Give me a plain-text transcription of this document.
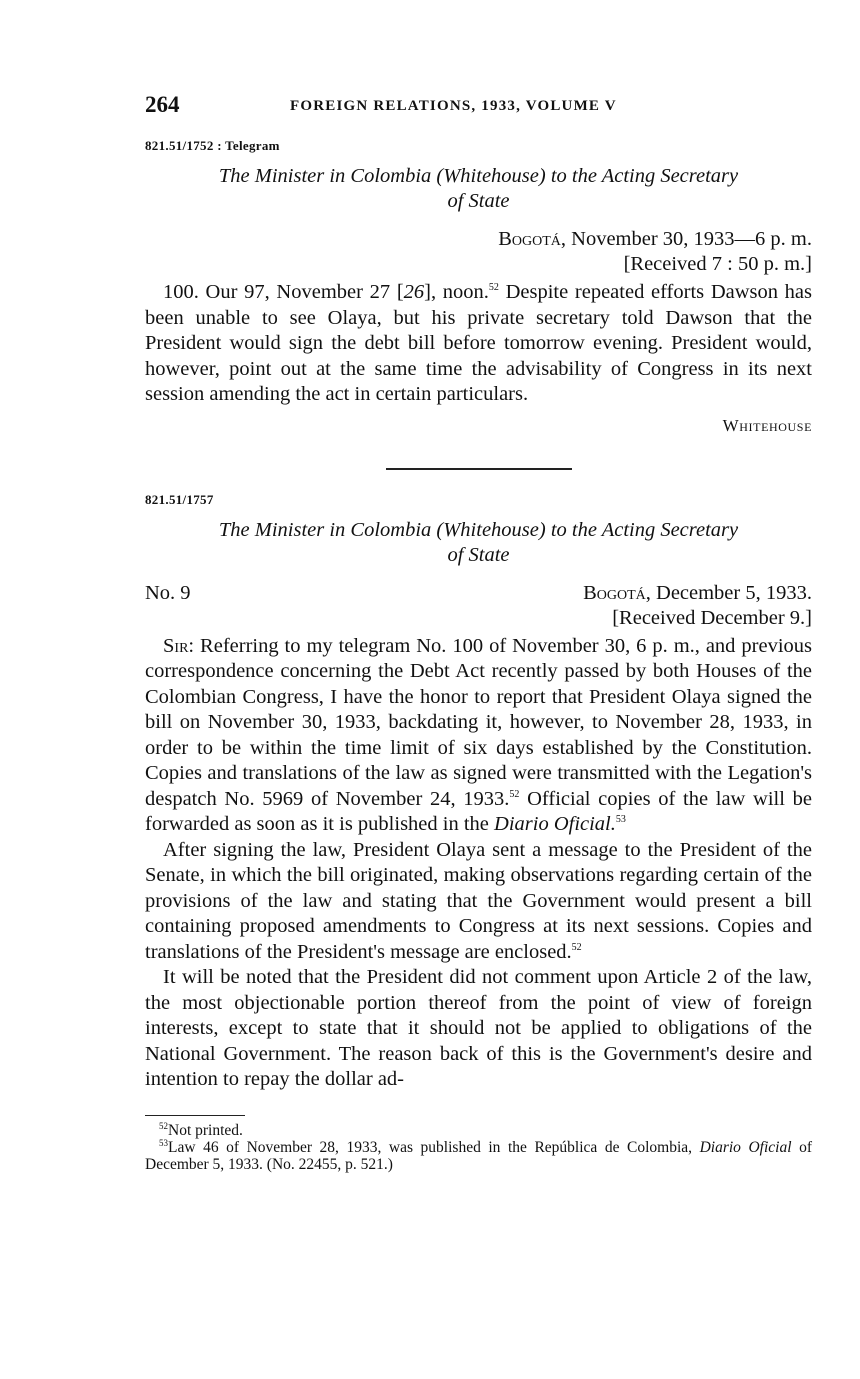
264	FOREIGN RELATIONS, 1933, VOLUME V
821.51/1752 : Telegram
The Minister in Colombia (Whitehouse) to the Acting Secretary
of State
Bogotá, November 30, 1933—6 p. m.
[Received 7 : 50 p. m.]

100. Our 97, November 27 [26], noon.$^{52}$ Despite repeated efforts Dawson has been unable to see Olaya, but his private secretary told Dawson that the President would sign the debt bill before tomorrow evening. President would, however, point out at the same time the advisability of Congress in its next session amending the act in certain particulars.

Whitehouse
821.51/1757
The Minister in Colombia (Whitehouse) to the Acting Secretary
of State
No. 9	Bogotá, December 5, 1933.
[Received December 9.]

Sir: Referring to my telegram No. 100 of November 30, 6 p. m., and previous correspondence concerning the Debt Act recently passed by both Houses of the Colombian Congress, I have the honor to report that President Olaya signed the bill on November 30, 1933, backdating it, however, to November 28, 1933, in order to be within the time limit of six days established by the Constitution. Copies and translations of the law as signed were transmitted with the Legation's despatch No. 5969 of November 24, 1933.52 Official copies of the law will be forwarded as soon as it is published in the Diario Oficial.$^{53}$

After signing the law, President Olaya sent a message to the President of the Senate, in which the bill originated, making observations regarding certain of the provisions of the law and stating that the Government would present a bill containing proposed amendments to Congress at its next sessions. Copies and translations of the President's message are enclosed.$^{52}$

It will be noted that the President did not comment upon Article 2 of the law, the most objectionable portion thereof from the point of view of foreign interests, except to state that it should not be applied to obligations of the National Government. The reason back of this is the Government's desire and intention to repay the dollar ad-

$^{52}$Not printed.

$^{53}$Law 46 of November 28, 1933, was published in the República de Colombia, Diario Oficial of December 5, 1933. (No. 22455, p. 521.)
